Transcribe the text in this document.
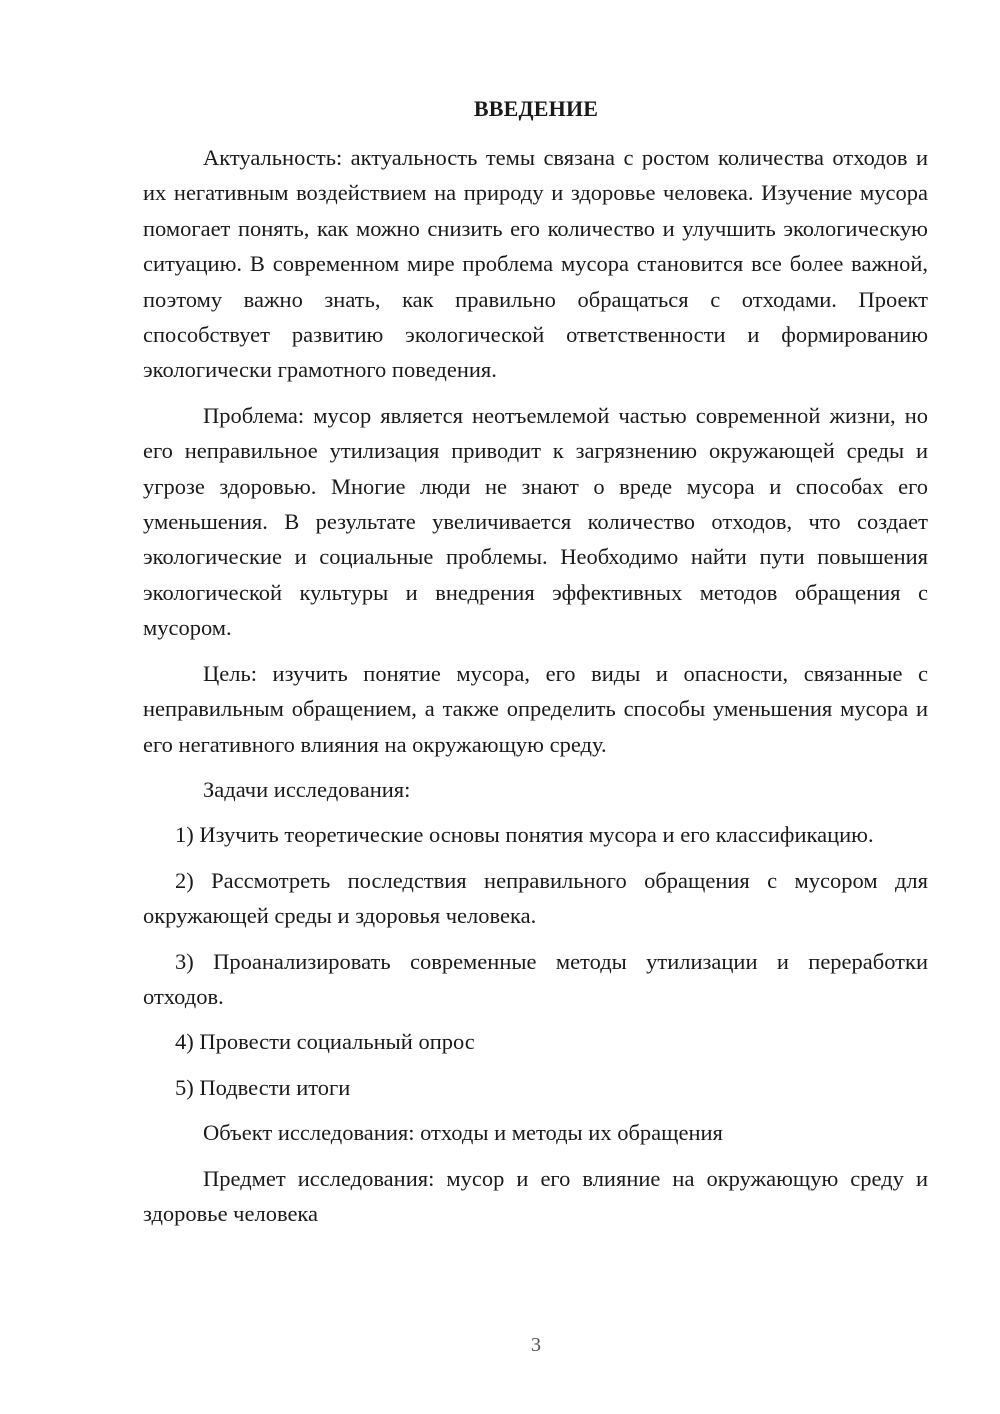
ВВЕДЕНИЕ

Актуальность: актуальность темы связана с ростом количества отходов и их негативным воздействием на природу и здоровье человека. Изучение мусора помогает понять, как можно снизить его количество и улучшить экологическую ситуацию. В современном мире проблема мусора становится все более важной, поэтому важно знать, как правильно обращаться с отходами. Проект способствует развитию экологической ответственности и формированию экологически грамотного поведения.

Проблема: мусор является неотъемлемой частью современной жизни, но его неправильное утилизация приводит к загрязнению окружающей среды и угрозе здоровью. Многие люди не знают о вреде мусора и способах его уменьшения. В результате увеличивается количество отходов, что создает экологические и социальные проблемы. Необходимо найти пути повышения экологической культуры и внедрения эффективных методов обращения с мусором.

Цель: изучить понятие мусора, его виды и опасности, связанные с неправильным обращением, а также определить способы уменьшения мусора и его негативного влияния на окружающую среду.

Задачи исследования:

1) Изучить теоретические основы понятия мусора и его классификацию.

2) Рассмотреть последствия неправильного обращения с мусором для окружающей среды и здоровья человека.

3) Проанализировать современные методы утилизации и переработки отходов.

4) Провести социальный опрос

5) Подвести итоги

Объект исследования: отходы и методы их обращения

Предмет исследования: мусор и его влияние на окружающую среду и здоровье человека

3
